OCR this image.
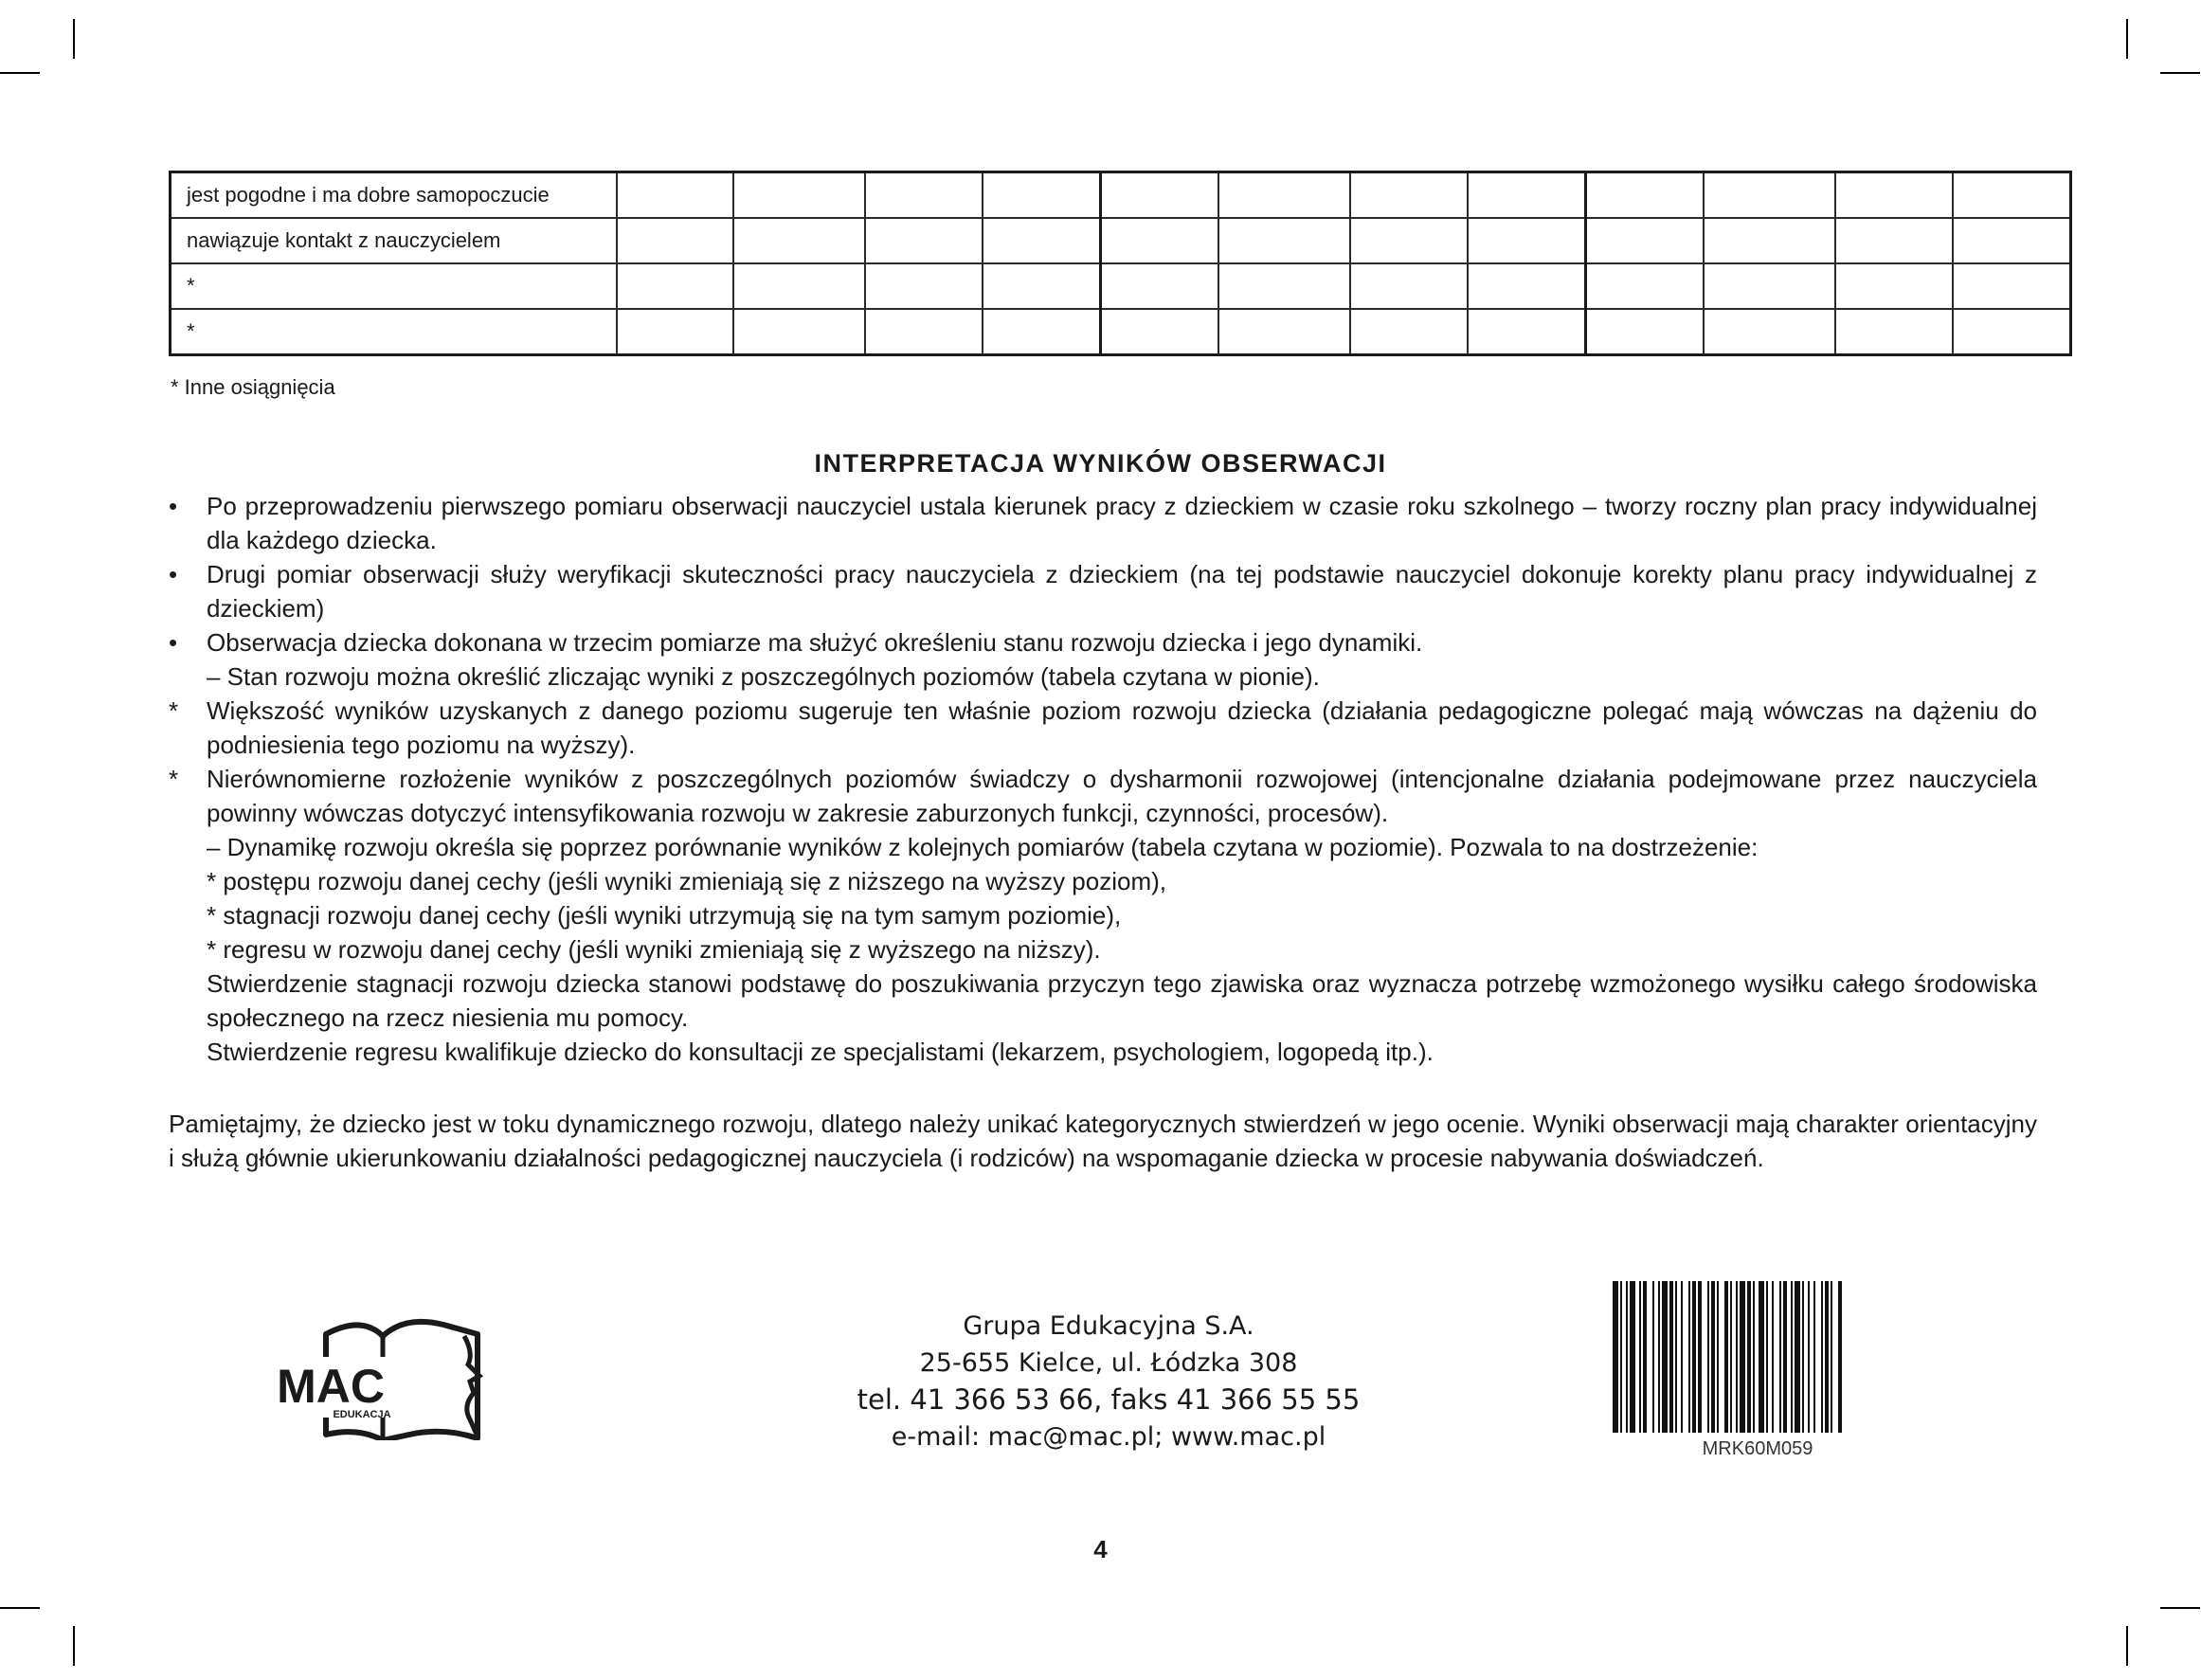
jest pogodne i ma dobre samopoczucie												
nawiązuje kontakt z nauczycielem												
*												
*												
* Inne osiągnięcia
INTERPRETACJA WYNIKÓW OBSERWACJI
•	Po przeprowadzeniu pierwszego pomiaru obserwacji nauczyciel ustala kierunek pracy z dzieckiem w czasie roku szkolnego – tworzy roczny plan pracy indywidualnej dla każdego dziecka.
•	Drugi pomiar obserwacji służy weryfikacji skuteczności pracy nauczyciela z dzieckiem (na tej podstawie nauczyciel dokonuje korekty planu pracy indywidualnej z dzieckiem)
•	Obserwacja dziecka dokonana w trzecim pomiarze ma służyć określeniu stanu rozwoju dziecka i jego dynamiki.
– Stan rozwoju można określić zliczając wyniki z poszczególnych poziomów (tabela czytana w pionie).
*	Większość wyników uzyskanych z danego poziomu sugeruje ten właśnie poziom rozwoju dziecka (działania pedagogiczne polegać mają wówczas na dążeniu do podniesienia tego poziomu na wyższy).
*	Nierównomierne rozłożenie wyników z poszczególnych poziomów świadczy o dysharmonii rozwojowej (intencjonalne działania podejmowane przez nauczyciela powinny wówczas dotyczyć intensyfikowania rozwoju w zakresie zaburzonych funkcji, czynności, procesów).
– Dynamikę rozwoju określa się poprzez porównanie wyników z kolejnych pomiarów (tabela czytana w poziomie). Pozwala to na dostrzeżenie:
* postępu rozwoju danej cechy (jeśli wyniki zmieniają się z niższego na wyższy poziom),
* stagnacji rozwoju danej cechy (jeśli wyniki utrzymują się na tym samym poziomie),
* regresu w rozwoju danej cechy (jeśli wyniki zmieniają się z wyższego na niższy).
Stwierdzenie stagnacji rozwoju dziecka stanowi podstawę do poszukiwania przyczyn tego zjawiska oraz wyznacza potrzebę wzmożonego wysiłku całego środowiska społecznego na rzecz niesienia mu pomocy.
Stwierdzenie regresu kwalifikuje dziecko do konsultacji ze specjalistami (lekarzem, psychologiem, logopedą itp.).
Pamiętajmy, że dziecko jest w toku dynamicznego rozwoju, dlatego należy unikać kategorycznych stwierdzeń w jego ocenie. Wyniki obserwacji mają charakter orientacyjny i służą głównie ukierunkowaniu działalności pedagogicznej nauczyciela (i rodziców) na wspomaganie dziecka w procesie nabywania doświadczeń.
MAC
EDUKACJA
Grupa Edukacyjna S.A.
25-655 Kielce, ul. Łódzka 308
tel. 41 366 53 66, faks 41 366 55 55
e-mail: mac@mac.pl; www.mac.pl	MRK60M059
4
